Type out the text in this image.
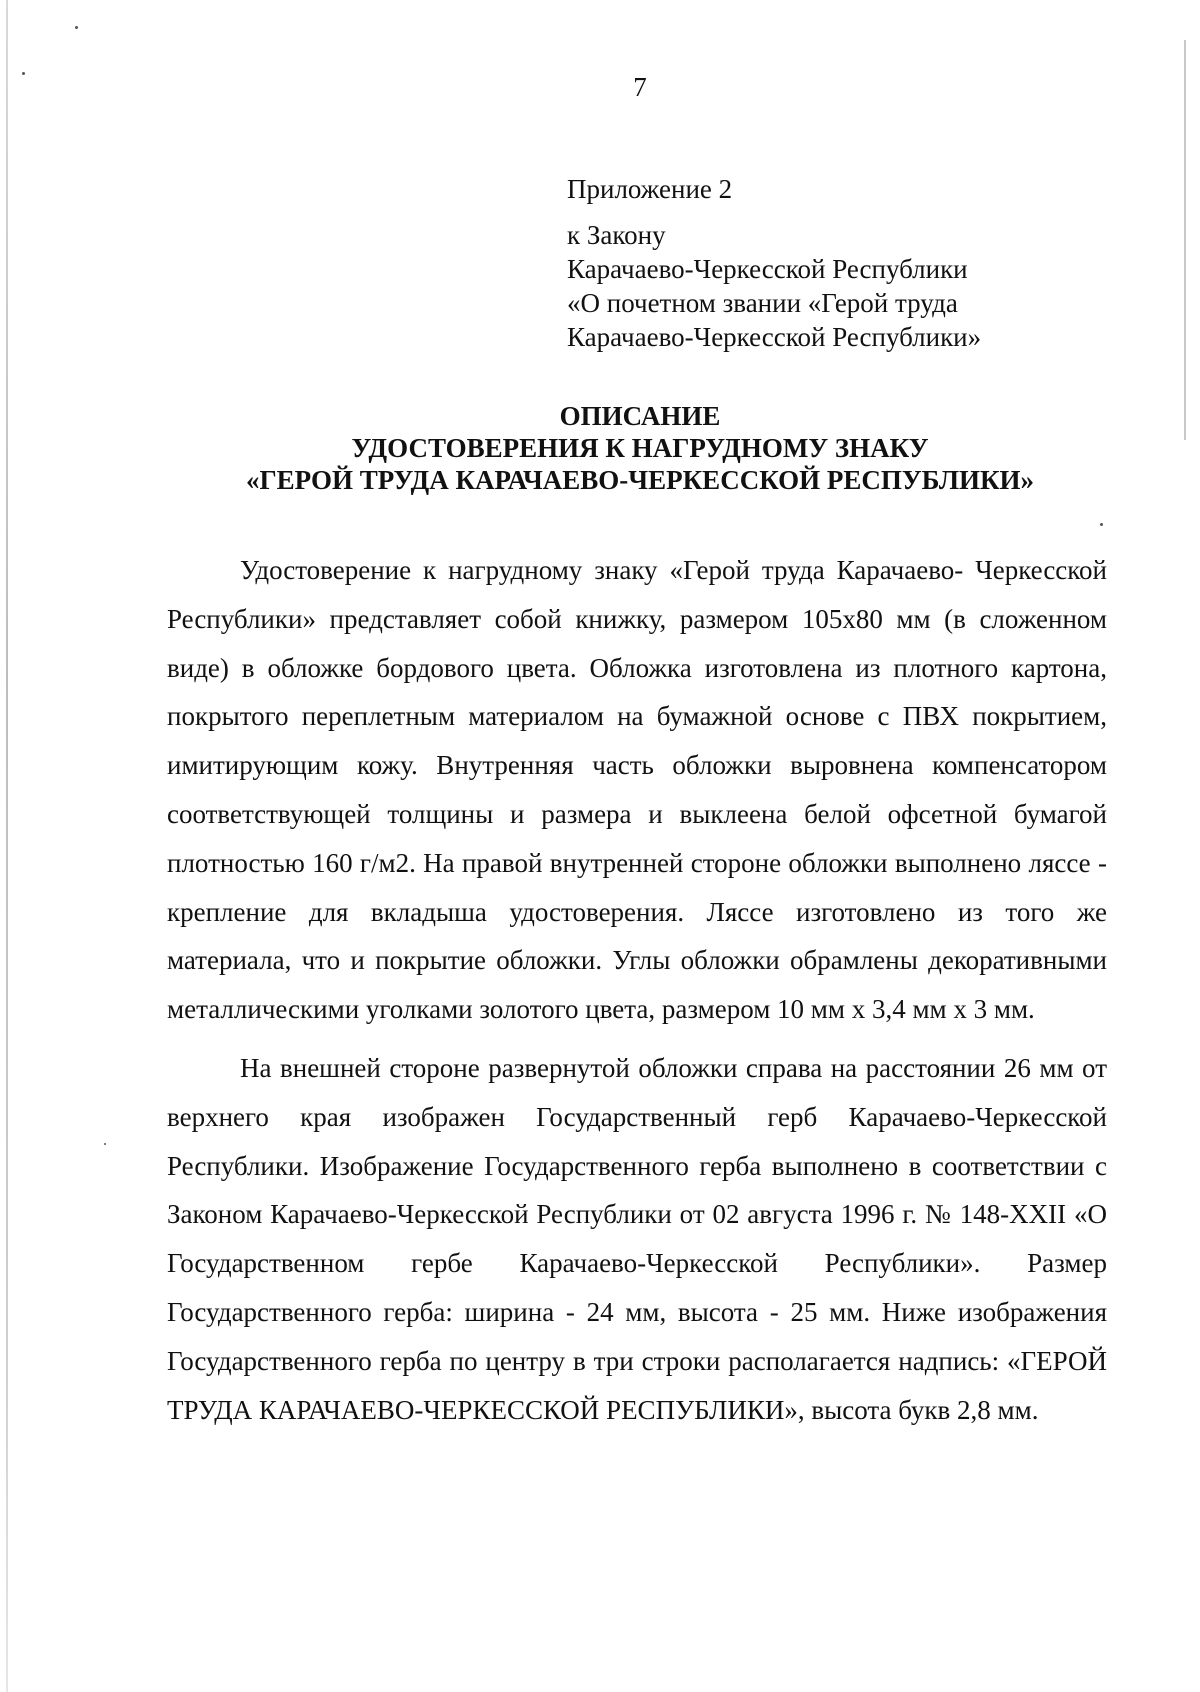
7
Приложение 2
к Закону
Карачаево-Черкесской Республики
«О почетном звании «Герой труда
Карачаево-Черкесской Республики»
ОПИСАНИЕ
УДОСТОВЕРЕНИЯ К НАГРУДНОМУ ЗНАКУ
«ГЕРОЙ ТРУДА КАРАЧАЕВО-ЧЕРКЕССКОЙ РЕСПУБЛИКИ»

Удостоверение к нагрудному знаку «Герой труда Карачаево- Черкесской Республики» представляет собой книжку, размером 105x80 мм (в сложенном виде) в обложке бордового цвета. Обложка изготовлена из плотного картона, покрытого переплетным материалом на бумажной основе с ПВХ покрытием, имитирующим кожу. Внутренняя часть обложки выровнена компенсатором соответствующей толщины и размера и выклеена белой офсетной бумагой плотностью 160 г/м2. На правой внутренней стороне обложки выполнено ляссе - крепление для вкладыша удостоверения. Ляссе изготовлено из того же материала, что и покрытие обложки. Углы обложки обрамлены декоративными металлическими уголками золотого цвета, размером 10 мм х 3,4 мм х 3 мм.

На внешней стороне развернутой обложки справа на расстоянии 26 мм от верхнего края изображен Государственный герб Карачаево-Черкесской Республики. Изображение Государственного герба выполнено в соответствии с Законом Карачаево-Черкесской Республики от 02 августа 1996 г. № 148-XXII «О Государственном гербе Карачаево-Черкесской Республики». Размер Государственного герба: ширина - 24 мм, высота - 25 мм. Ниже изображения Государственного герба по центру в три строки располагается надпись: «ГЕРОЙ ТРУДА КАРАЧАЕВО-ЧЕРКЕССКОЙ РЕСПУБЛИКИ», высота букв 2,8 мм.
